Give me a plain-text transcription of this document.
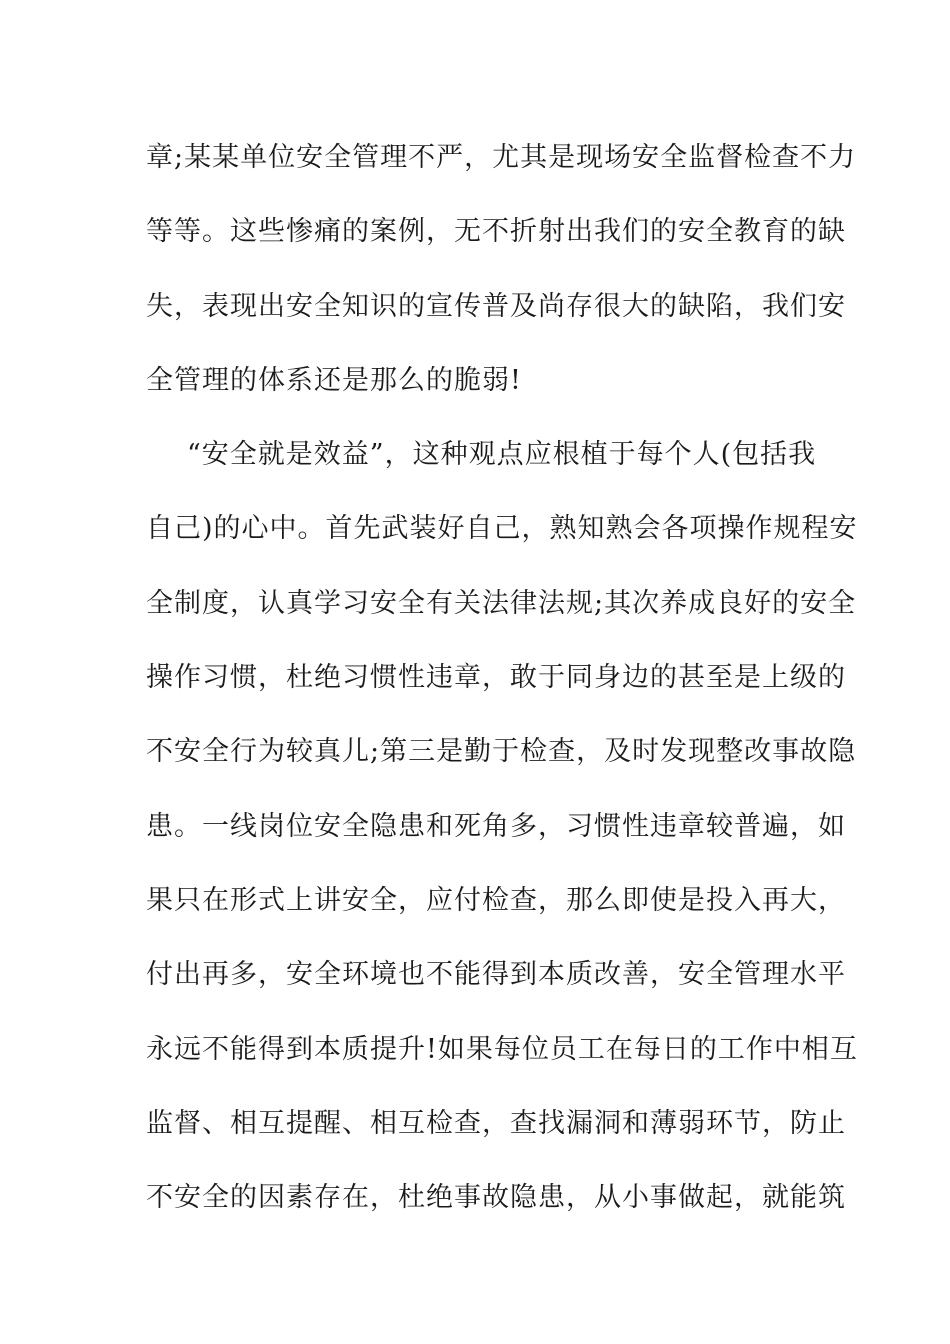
章;某某单位安全管理不严，尤其是现场安全监督检查不力
等等。这些惨痛的案例，无不折射出我们的安全教育的缺
失，表现出安全知识的宣传普及尚存很大的缺陷，我们安
全管理的体系还是那么的脆弱!
“安全就是效益”，这种观点应根植于每个人(包括我
自己)的心中。首先武装好自己，熟知熟会各项操作规程安
全制度，认真学习安全有关法律法规;其次养成良好的安全
操作习惯，杜绝习惯性违章，敢于同身边的甚至是上级的
不安全行为较真儿;第三是勤于检查，及时发现整改事故隐
患。一线岗位安全隐患和死角多，习惯性违章较普遍，如
果只在形式上讲安全，应付检查，那么即使是投入再大，
付出再多，安全环境也不能得到本质改善，安全管理水平
永远不能得到本质提升!如果每位员工在每日的工作中相互
监督、相互提醒、相互检查，查找漏洞和薄弱环节，防止
不安全的因素存在，杜绝事故隐患，从小事做起，就能筑
